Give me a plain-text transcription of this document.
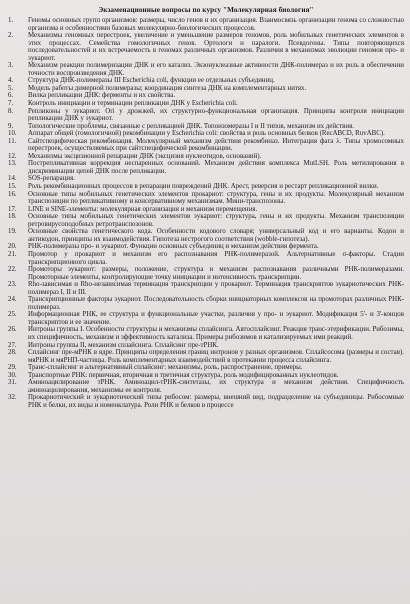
Экзаменационные вопросы по курсу "Молекулярная биология"
1.	Геномы основных групп организмов: размеры, число генов и их организация. Взаимосвязь организации генома со сложностью организма и особенностями базовых молекулярно-биологических процессов.
2.	Механизмы геномных перестроек, увеличение и уменьшение размеров геномов, роль мобильных генетических элементов в этих процессах. Семейства гомологичных генов. Ортологи и паралоги. Псевдогены. Типы повторяющихся последовательностей и их встречаемость в геномах различных организмов. Различия в механизмах эволюции геномов про- и эукариот.
3.	Механизм реакции полимеризации ДНК и его катализ. Экзонуклеазные активности ДНК-полимераз и их роль в обеспечении точности воспроизведения ДНК.
4.	Структура ДНК-полимеразы III Escherichia coli, функции ее отдельных субъединиц.
5.	Модель работы димерной полимеразы; координация синтеза ДНК на комплементарных нитях.
6.	Вилка репликации ДНК: ферменты и их свойства.
7.	Контроль инициации и терминации репликации ДНК у Escherichia coli.
8.	Репликоны у эукариот. Ori у дрожжей, их структурно-функциональная организация. Принципы контроля инициации репликации ДНК у эукариот.
9.	Топологические проблемы, связанные с репликацией ДНК. Топоизомеразы I и II типов, механизм их действия.
10.	Аппарат общей (гомологичной) рекомбинации у Escherichia coli: свойства и роль основных белков (RecABCD, RuvABC).
11.	Сайтспецифическая рекомбинация. Молекулярный механизм действия рекомбиназ. Интеграция фага λ. Типы хромосомных перестроек, осуществляемых при сайтспецифической рекомбинации.
12.	Механизмы эксцизионной репарации ДНК (эксцизия нуклеотидов, оснований).
13.	Пострепликативная коррекция неспаренных оснований. Механизм действия комплекса MutLSH. Роль метилирования в дискриминации цепей ДНК после репликации.
14.	SOS-репарация.
15.	Роль рекомбинационных процессов в репарации повреждений ДНК. Арест, реверсия и рестарт репликационной вилки.
16.	Основные типы мобильных генетических элементов прокариот: структура, гены и их продукты. Молекулярный механизм транспозиции по репликативному и консервативному механизмам. Мини-транспозоны.
17.	LINE и SINE-элементы: молекулярная организация и механизм перемещения.
18.	Основные типы мобильных генетических элементов эукариот: структура, гены и их продукты. Механизм транспозиции ретровирусоподобных ретротранспозонов.
19.	Основные свойства генетического кода. Особенности кодового словаря; универсальный код и его варианты. Кодон и антикодон, принципы их взаимодействия. Гипотеза нестрогого соответствия (wobble-гипотеза).
20.	РНК-полимеразы про- и эукариот. Функции основных субъединиц и механизм действия фермента.
21.	Промотор у прокариот и механизм его распознавания РНК-полимеразой. Альтернативные σ-факторы. Стадии транскрипционного цикла.
22.	Промоторы эукариот: размеры, положение, структура и механизм распознавания различными РНК-полимеразами. Промоторные элементы, контролирующие точку инициации и интенсивность транскрипции.
23.	Rho-зависимая и Rho-независимая терминация транскрипции у прокариот. Терминация транскриптов эукариотических РНК-полимераз I, II и III.
24.	Транскрипционные факторы эукариот. Последовательность сборки инициаторных комплексов на промоторах различных РНК-полимераз.
25.	Информационная РНК, ее структура и функциональные участки, различия у про- и эукариот. Модификация 5'- и 3'-концов транскриптов и ее значение.
26.	Интроны группы I. Особенности структуры и механизмы сплайсинга. Автосплайсинг. Реакция транс-этерификации. Рибозимы, их специфичность, механизм и эффективность катализа. Примеры рибозимов и катализируемых ими реакций.
27.	Интроны группы II, механизм сплайсинга. Сплайсинг пре-тРНК.
28.	Сплайсинг пре-мРНК в ядре. Принципы определения границ интронов у разных организмов. Сплайсосома (размеры и состав). мяРНК и мяРНП-частицы. Роль комплементарных взаимодействий в протекании процесса сплайсинга.
29.	Транс-сплайсинг и альтернативный сплайсинг: механизмы, роль, распространение, примеры.
30.	Транспортные РНК: первичная, вторичная и третичная структура, роль модифицированных нуклеотидов.
31.	Аминоацилирование тРНК. Аминоацил-тРНК-синтетазы, их структура и механизм действия. Специфичность аминоацилирования, механизмы ее контроля.
32.	Прокариотический и эукариотический типы рибосом: размеры, внешний вид, подразделение на субъединицы. Рибосомные РНК и белки, их виды и номенклатура. Роли РНК и белков в процессе
